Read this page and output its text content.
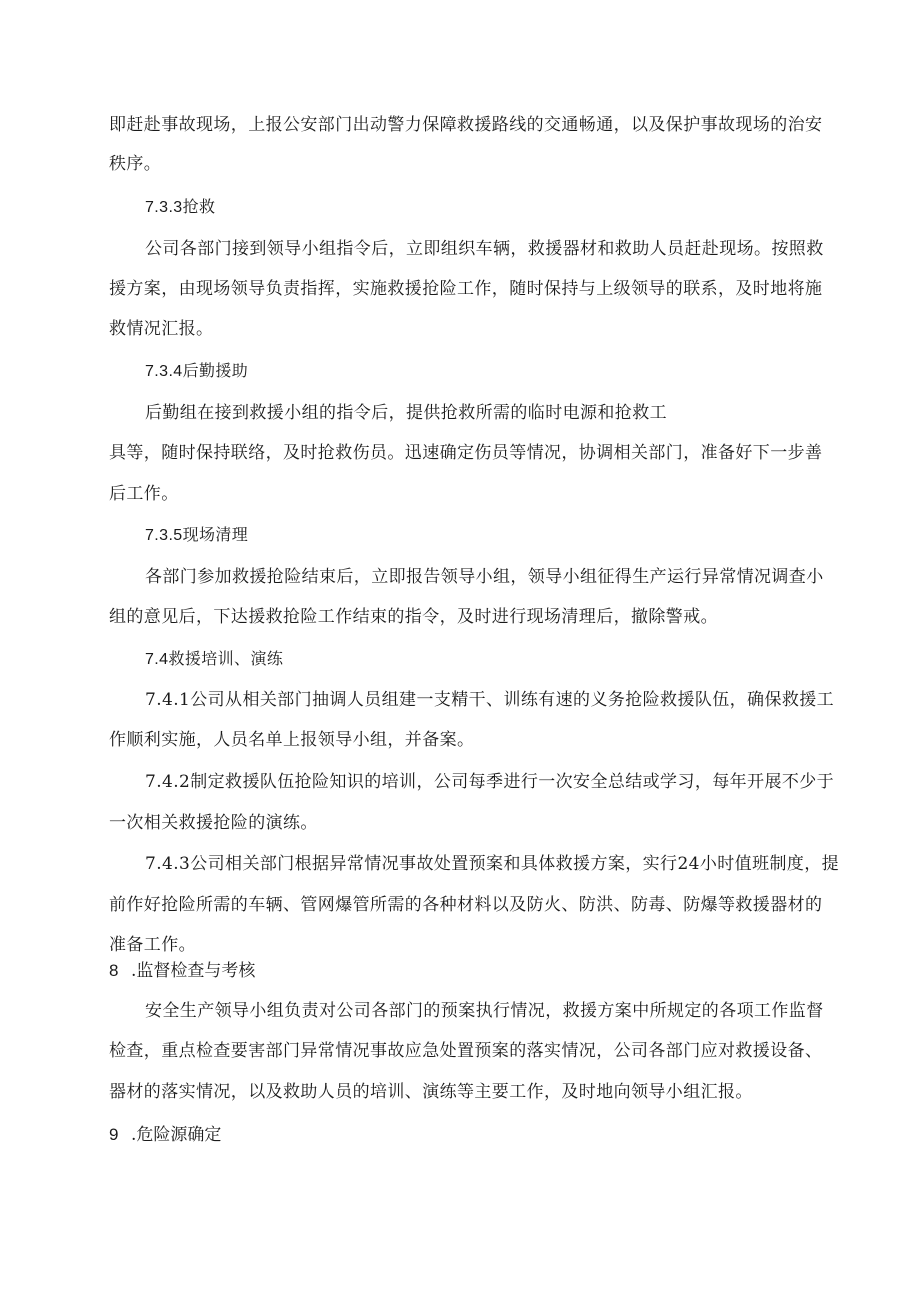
即赶赴事故现场，上报公安部门出动警力保障救援路线的交通畅通，以及保护事故现场的治安
秩序。
7.3.3抢救
公司各部门接到领导小组指令后，立即组织车辆，救援器材和救助人员赶赴现场。按照救
援方案，由现场领导负责指挥，实施救援抢险工作，随时保持与上级领导的联系，及时地将施
救情况汇报。
7.3.4后勤援助
后勤组在接到救援小组的指令后，提供抢救所需的临时电源和抢救工
具等，随时保持联络，及时抢救伤员。迅速确定伤员等情况，协调相关部门，准备好下一步善
后工作。
7.3.5现场清理
各部门参加救援抢险结束后，立即报告领导小组，领导小组征得生产运行异常情况调查小
组的意见后，下达援救抢险工作结束的指令，及时进行现场清理后，撤除警戒。
7.4救援培训、演练
7.4.1公司从相关部门抽调人员组建一支精干、训练有速的义务抢险救援队伍，确保救援工
作顺利实施，人员名单上报领导小组，并备案。
7.4.2制定救援队伍抢险知识的培训，公司每季进行一次安全总结或学习，每年开展不少于
一次相关救援抢险的演练。
7.4.3公司相关部门根据异常情况事故处置预案和具体救援方案，实行24小时值班制度，提
前作好抢险所需的车辆、管网爆管所需的各种材料以及防火、防洪、防毒、防爆等救援器材的
准备工作。
8 .监督检查与考核
安全生产领导小组负责对公司各部门的预案执行情况，救援方案中所规定的各项工作监督
检查，重点检查要害部门异常情况事故应急处置预案的落实情况，公司各部门应对救援设备、
器材的落实情况，以及救助人员的培训、演练等主要工作，及时地向领导小组汇报。
9 .危险源确定
